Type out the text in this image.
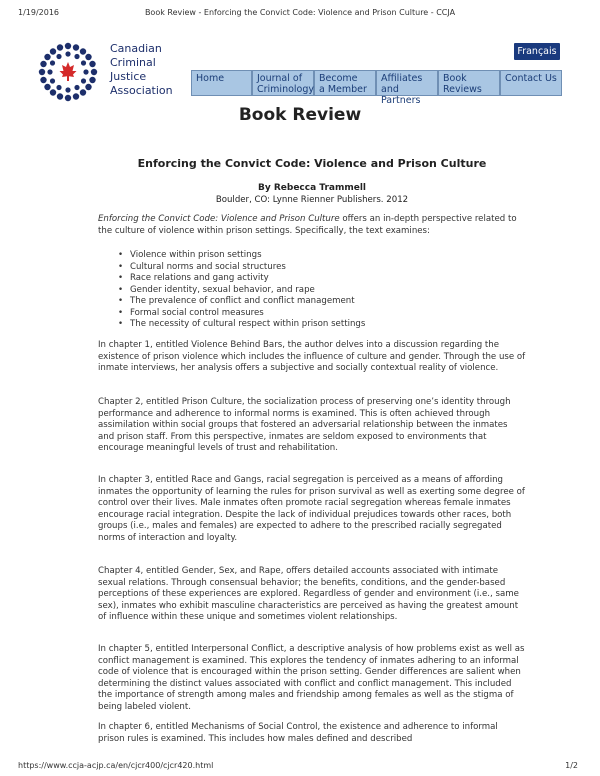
1/19/2016	Book Review - Enforcing the Convict Code: Violence and Prison Culture - CCJA
Canadian
Criminal
Justice
Association
Français
Home	Journal of
Criminology
Become
a Member
Affiliates
and Partners
Book
Reviews
Contact Us
Book Review
Enforcing the Convict Code: Violence and Prison Culture
By Rebecca Trammell
Boulder, CO: Lynne Rienner Publishers. 2012
Enforcing the Convict Code: Violence and Prison Culture offers an in-depth perspective related to the culture of violence within prison settings. Specifically, the text examines:
• Violence within prison settings
• Cultural norms and social structures
• Race relations and gang activity
• Gender identity, sexual behavior, and rape
• The prevalence of conflict and conflict management
• Formal social control measures
• The necessity of cultural respect within prison settings
In chapter 1, entitled Violence Behind Bars, the author delves into a discussion regarding the existence of prison violence which includes the influence of culture and gender. Through the use of inmate interviews, her analysis offers a subjective and socially contextual reality of violence.
Chapter 2, entitled Prison Culture, the socialization process of preserving one’s identity through performance and adherence to informal norms is examined. This is often achieved through assimilation within social groups that fostered an adversarial relationship between the inmates and prison staff. From this perspective, inmates are seldom exposed to environments that encourage meaningful levels of trust and rehabilitation.
In chapter 3, entitled Race and Gangs, racial segregation is perceived as a means of affording inmates the opportunity of learning the rules for prison survival as well as exerting some degree of control over their lives. Male inmates often promote racial segregation whereas female inmates encourage racial integration. Despite the lack of individual prejudices towards other races, both groups (i.e., males and females) are expected to adhere to the prescribed racially segregated norms of interaction and loyalty.
Chapter 4, entitled Gender, Sex, and Rape, offers detailed accounts associated with intimate sexual relations. Through consensual behavior; the benefits, conditions, and the gender-based perceptions of these experiences are explored. Regardless of gender and environment (i.e., same sex), inmates who exhibit masculine characteristics are perceived as having the greatest amount of influence within these unique and sometimes violent relationships.
In chapter 5, entitled Interpersonal Conflict, a descriptive analysis of how problems exist as well as conflict management is examined. This explores the tendency of inmates adhering to an informal code of violence that is encouraged within the prison setting. Gender differences are salient when determining the distinct values associated with conflict and conflict management. This included the importance of strength among males and friendship among females as well as the stigma of being labeled violent.
In chapter 6, entitled Mechanisms of Social Control, the existence and adherence to informal prison rules is examined. This includes how males defined and described
https://www.ccja-acjp.ca/en/cjcr400/cjcr420.html	1/2
